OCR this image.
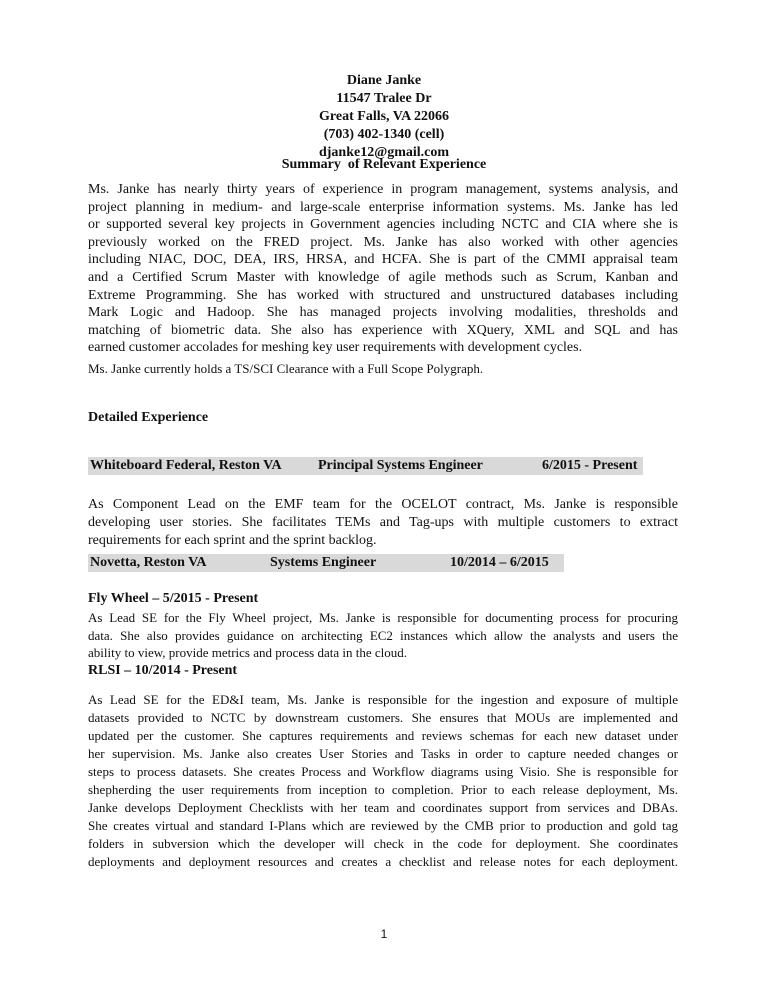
Diane Janke
11547 Tralee Dr
Great Falls, VA 22066
(703) 402-1340 (cell)
djanke12@gmail.com
Summary  of Relevant Experience
Ms. Janke has nearly thirty years of experience in program management, systems analysis, and
project planning in medium- and large-scale enterprise information systems. Ms. Janke has led
or supported several key projects in Government agencies including NCTC and CIA where she is
previously worked on the FRED project. Ms. Janke has also worked with other agencies
including NIAC, DOC, DEA, IRS, HRSA, and HCFA. She is part of the CMMI appraisal team
and a Certified Scrum Master with knowledge of agile methods such as Scrum, Kanban and
Extreme Programming. She has worked with structured and unstructured databases including
Mark Logic and Hadoop. She has managed projects involving modalities, thresholds and
matching of biometric data. She also has experience with XQuery, XML and SQL and has
earned customer accolades for meshing key user requirements with development cycles.
Ms. Janke currently holds a TS/SCI Clearance with a Full Scope Polygraph.
Detailed Experience
Whiteboard Federal, Reston VA	Principal Systems Engineer	6/2015 - Present
As Component Lead on the EMF team for the OCELOT contract, Ms. Janke is responsible
developing user stories. She facilitates TEMs and Tag-ups with multiple customers to extract
requirements for each sprint and the sprint backlog.
Novetta, Reston VA	Systems Engineer	10/2014 – 6/2015
Fly Wheel – 5/2015 - Present
As Lead SE for the Fly Wheel project, Ms. Janke is responsible for documenting process for procuring
data. She also provides guidance on architecting EC2 instances which allow the analysts and users the
ability to view, provide metrics and process data in the cloud.
RLSI – 10/2014 - Present
As Lead SE for the ED&I team, Ms. Janke is responsible for the ingestion and exposure of multiple
datasets provided to NCTC by downstream customers. She ensures that MOUs are implemented and
updated per the customer. She captures requirements and reviews schemas for each new dataset under
her supervision. Ms. Janke also creates User Stories and Tasks in order to capture needed changes or
steps to process datasets. She creates Process and Workflow diagrams using Visio. She is responsible for
shepherding the user requirements from inception to completion. Prior to each release deployment, Ms.
Janke develops Deployment Checklists with her team and coordinates support from services and DBAs.
She creates virtual and standard I-Plans which are reviewed by the CMB prior to production and gold tag
folders in subversion which the developer will check in the code for deployment. She coordinates
deployments and deployment resources and creates a checklist and release notes for each deployment.
1
